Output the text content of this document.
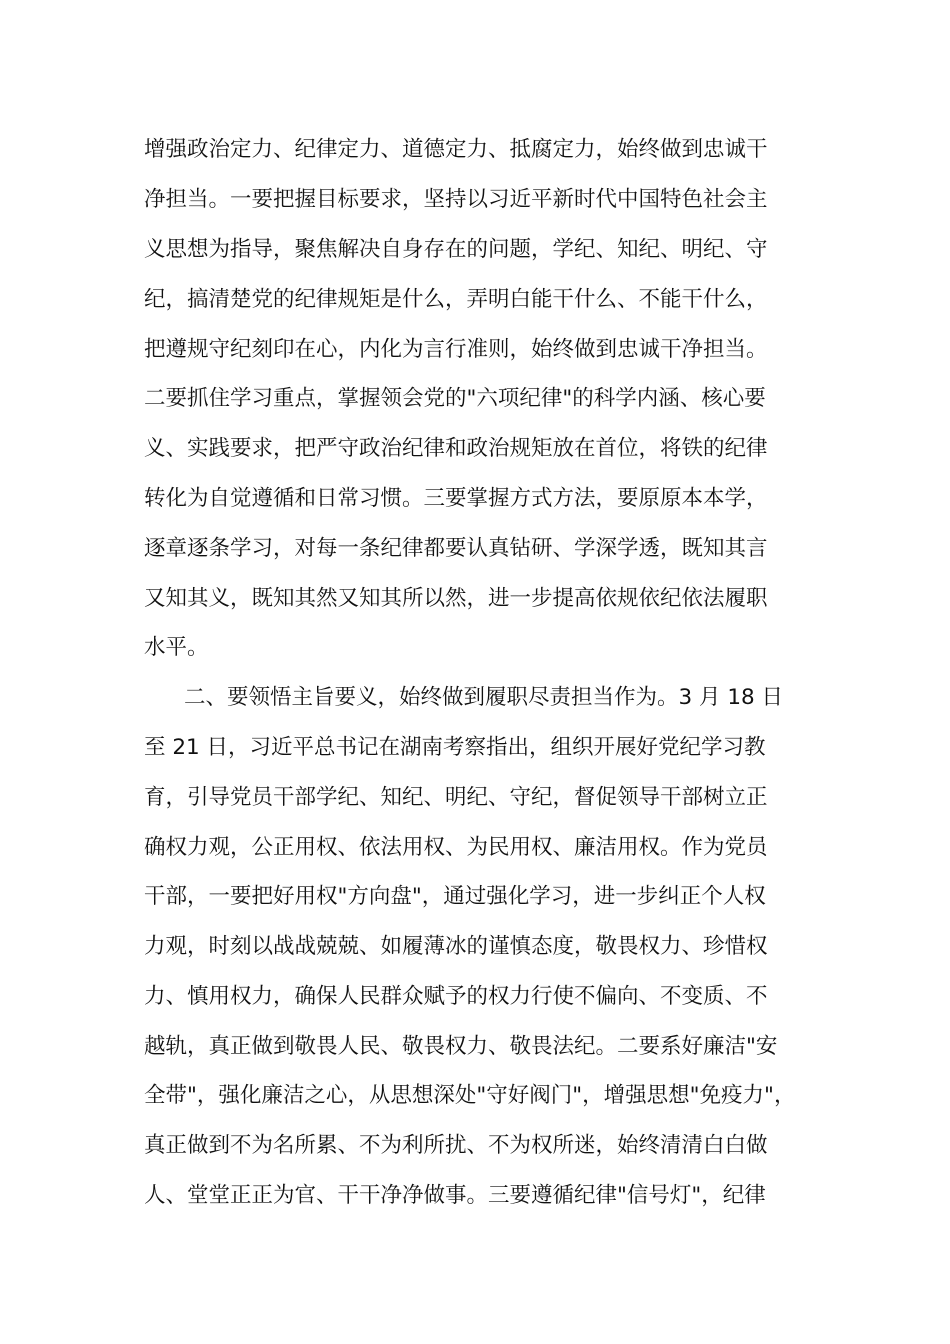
增强政治定力、纪律定力、道德定力、抵腐定力，始终做到忠诚干
净担当。一要把握目标要求，坚持以习近平新时代中国特色社会主
义思想为指导，聚焦解决自身存在的问题，学纪、知纪、明纪、守
纪，搞清楚党的纪律规矩是什么，弄明白能干什么、不能干什么，
把遵规守纪刻印在心，内化为言行准则，始终做到忠诚干净担当。
二要抓住学习重点，掌握领会党的"六项纪律"的科学内涵、核心要
义、实践要求，把严守政治纪律和政治规矩放在首位，将铁的纪律
转化为自觉遵循和日常习惯。三要掌握方式方法，要原原本本学，
逐章逐条学习，对每一条纪律都要认真钻研、学深学透，既知其言
又知其义，既知其然又知其所以然，进一步提高依规依纪依法履职
水平。
二、要领悟主旨要义，始终做到履职尽责担当作为。3 月 18 日
至 21 日，习近平总书记在湖南考察指出，组织开展好党纪学习教
育，引导党员干部学纪、知纪、明纪、守纪，督促领导干部树立正
确权力观，公正用权、依法用权、为民用权、廉洁用权。作为党员
干部，一要把好用权"方向盘"，通过强化学习，进一步纠正个人权
力观，时刻以战战兢兢、如履薄冰的谨慎态度，敬畏权力、珍惜权
力、慎用权力，确保人民群众赋予的权力行使不偏向、不变质、不
越轨，真正做到敬畏人民、敬畏权力、敬畏法纪。二要系好廉洁"安
全带"，强化廉洁之心，从思想深处"守好阀门"，增强思想"免疫力"，
真正做到不为名所累、不为利所扰、不为权所迷，始终清清白白做
人、堂堂正正为官、干干净净做事。三要遵循纪律"信号灯"，纪律
